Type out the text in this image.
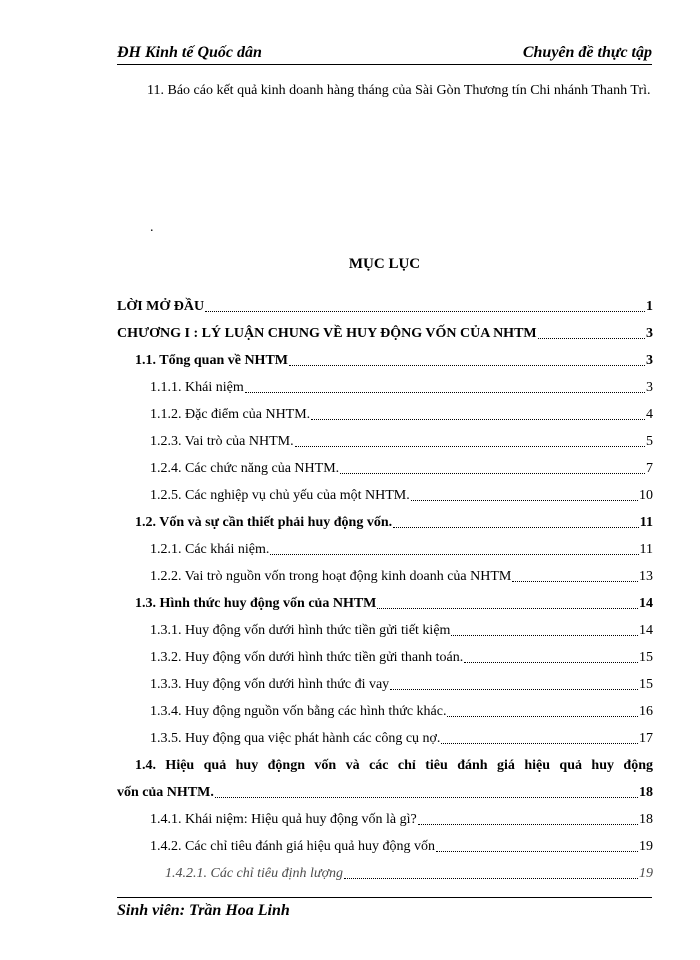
ĐH Kinh tế Quốc dân	Chuyên đề thực tập
11. Báo cáo kết quả kinh doanh hàng tháng của Sài Gòn Thương tín Chi nhánh Thanh Trì.
.
MỤC LỤC
LỜI MỞ ĐẦU	1
CHƯƠNG I : LÝ LUẬN CHUNG VỀ HUY ĐỘNG VỐN CỦA NHTM	3
1.1. Tổng quan về NHTM	3
1.1.1. Khái niệm	3
1.1.2. Đặc điểm của NHTM.	4
1.2.3. Vai trò của NHTM.	5
1.2.4. Các chức năng của NHTM.	7
1.2.5. Các nghiệp vụ chủ yếu của một NHTM.	10
1.2. Vốn và sự cần thiết phải huy động vốn.	11
1.2.1. Các khái niệm.	11
1.2.2. Vai trò nguồn vốn trong hoạt động kinh doanh của NHTM	13
1.3. Hình thức huy động vốn của NHTM	14
1.3.1. Huy động vốn dưới hình thức tiền gửi tiết kiệm	14
1.3.2. Huy động vốn dưới hình thức tiền gửi thanh toán.	15
1.3.3. Huy động vốn dưới hình thức đi vay	15
1.3.4. Huy động nguồn vốn bằng các hình thức khác.	16
1.3.5. Huy động qua việc phát hành các công cụ nợ.	17
1.4. Hiệu quả huy độngn vốn và các chỉ tiêu đánh giá hiệu quả huy động
vốn của NHTM.	18
1.4.1. Khái niệm: Hiệu quả huy động vốn là gì?	18
1.4.2. Các chỉ tiêu đánh giá hiệu quả huy động vốn	19
1.4.2.1. Các chỉ tiêu định lượng	19
Sinh viên: Trần Hoa Linh
